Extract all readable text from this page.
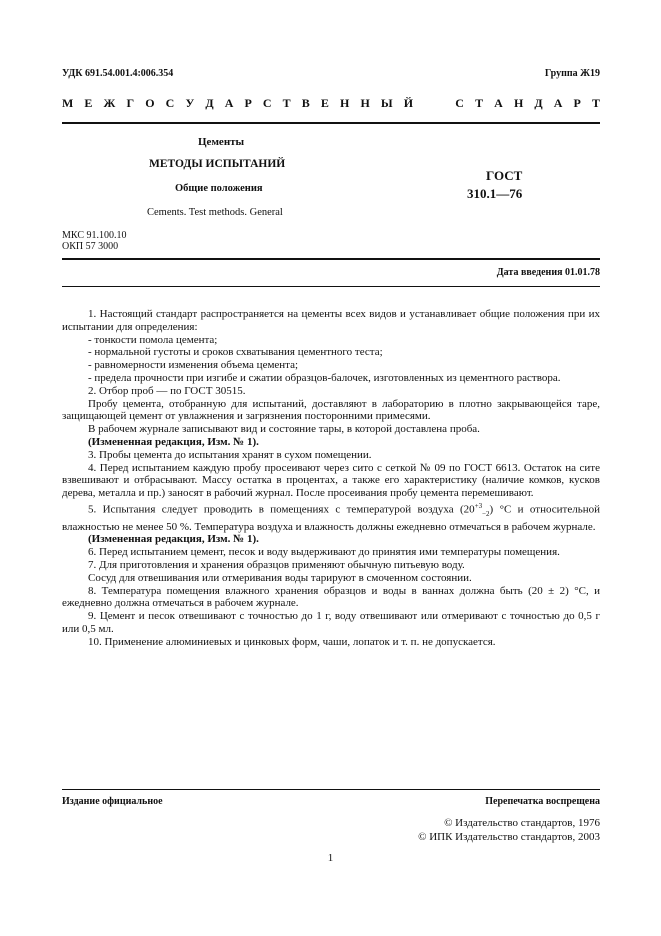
УДК 691.54.001.4:006.354	Группа Ж19
М Е Ж Г О С У Д А Р С Т В Е Н Н Ы Й	С Т А Н Д А Р Т
Цементы
МЕТОДЫ ИСПЫТАНИЙ
Общие положения
Cements. Test methods. General
ГОСТ
310.1—76
МКС 91.100.10
ОКП 57 3000
Дата введения 01.01.78

1. Настоящий стандарт распространяется на цементы всех видов и устанавливает общие положения при их испытании для определения:

- тонкости помола цемента;

- нормальной густоты и сроков схватывания цементного теста;

- равномерности изменения объема цемента;

- предела прочности при изгибе и сжатии образцов-балочек, изготовленных из цементного раствора.

2. Отбор проб — по ГОСТ 30515.

Пробу цемента, отобранную для испытаний, доставляют в лабораторию в плотно закрывающейся таре, защищающей цемент от увлажнения и загрязнения посторонними примесями.

В рабочем журнале записывают вид и состояние тары, в которой доставлена проба.

(Измененная редакция, Изм. № 1).

3. Пробы цемента до испытания хранят в сухом помещении.

4. Перед испытанием каждую пробу просеивают через сито с сеткой № 09 по ГОСТ 6613. Остаток на сите взвешивают и отбрасывают. Массу остатка в процентах, а также его характеристику (наличие комков, кусков дерева, металла и пр.) заносят в рабочий журнал. После просеивания пробу цемента перемешивают.

5. Испытания следует проводить в помещениях с температурой воздуха $(20^{+3}_{-2})$ °С и относительной влажностью не менее 50 %. Температура воздуха и влажность должны ежедневно отмечаться в рабочем журнале.

(Измененная редакция, Изм. № 1).

6. Перед испытанием цемент, песок и воду выдерживают до принятия ими температуры помещения.

7. Для приготовления и хранения образцов применяют обычную питьевую воду.

Сосуд для отвешивания или отмеривания воды тарируют в смоченном состоянии.

8. Температура помещения влажного хранения образцов и воды в ваннах должна быть (20 ± 2) °С, и ежедневно должна отмечаться в рабочем журнале.

9. Цемент и песок отвешивают с точностью до 1 г, воду отвешивают или отмеривают с точностью до 0,5 г или 0,5 мл.

10. Применение алюминиевых и цинковых форм, чаши, лопаток и т. п. не допускается.

Издание официальное	Перепечатка воспрещена
© Издательство стандартов, 1976
© ИПК Издательство стандартов, 2003
1
